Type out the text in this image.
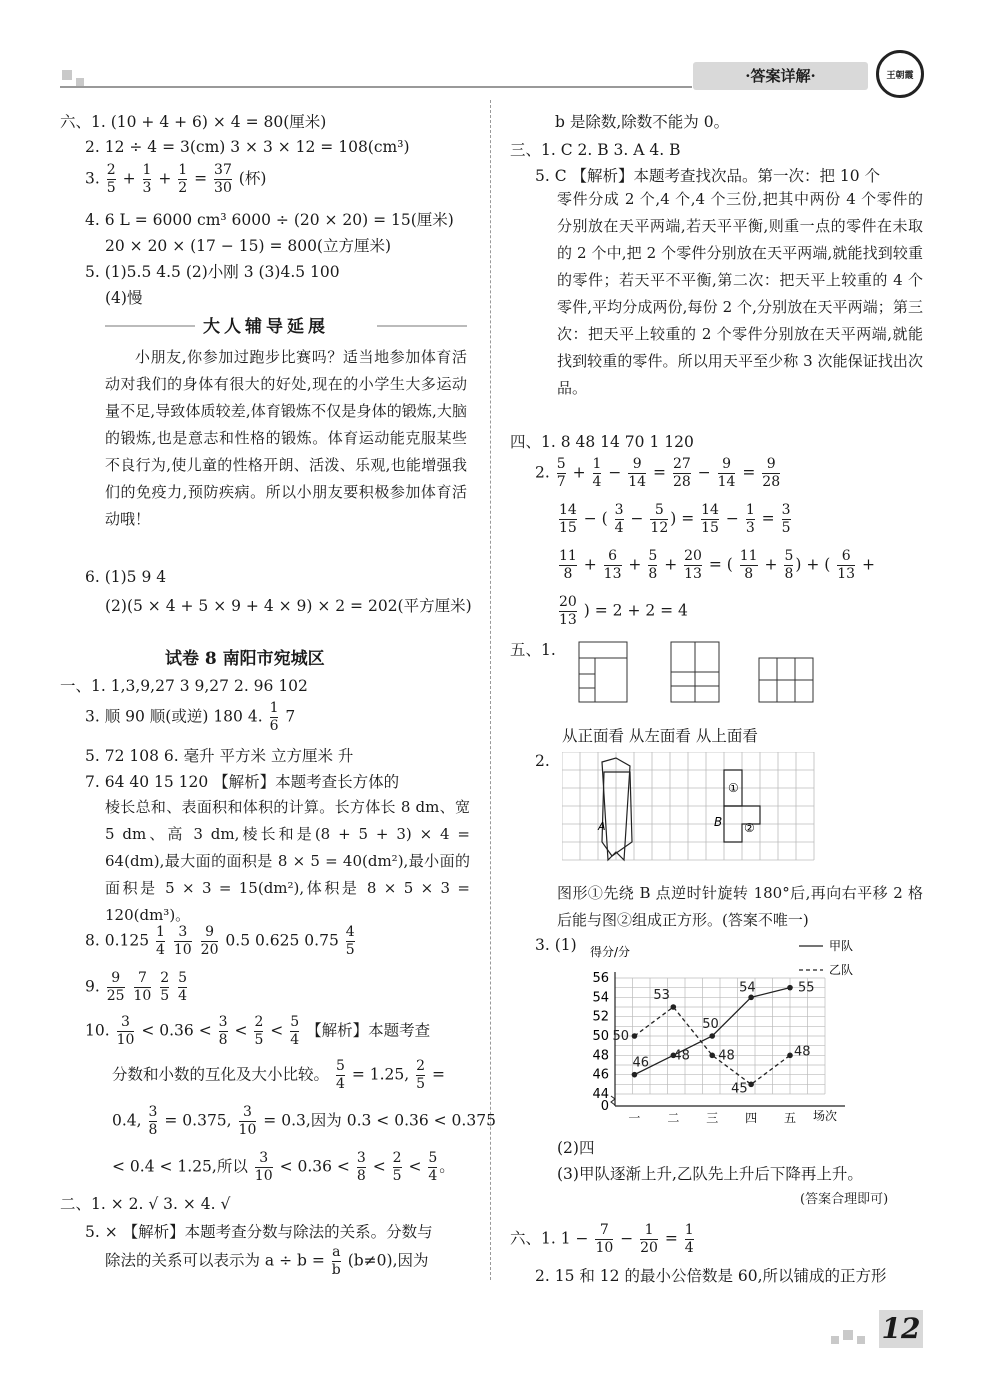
·答案详解·	王朝霞
六、1. (10 + 4 + 6) × 4 = 80(厘米)
2. 12 ÷ 4 = 3(cm) 3 × 3 × 12 = 108(cm³)
3. $\frac{2}{5} + \frac{1}{3} + \frac{1}{2} = \frac{37}{30}$ (杯)
4. 6 L = 6000 cm³ 6000 ÷ (20 × 20) = 15(厘米)
20 × 20 × (17 − 15) = 800(立方厘米)
5. (1)5.5 4.5 (2)小刚 3 (3)4.5 100
(4)慢
大人辅导延展
小朋友,你参加过跑步比赛吗？适当地参加体育活动对我们的身体有很大的好处,现在的小学生大多运动量不足,导致体质较差,体育锻炼不仅是身体的锻炼,大脑的锻炼,也是意志和性格的锻炼。体育运动能克服某些不良行为,使儿童的性格开朗、活泼、乐观,也能增强我们的免疫力,预防疾病。所以小朋友要积极参加体育活动哦！
6. (1)5 9 4
(2)(5 × 4 + 5 × 9 + 4 × 9) × 2 = 202(平方厘米)
试卷 8 南阳市宛城区
一、1. 1,3,9,27 3 9,27 2. 96 102
3. 顺 90 顺(或逆) 180 4. $\frac{1}{6} 7$
5. 72 108 6. 毫升 平方米 立方厘米 升
7. 64 40 15 120 【解析】本题考查长方体的
棱长总和、表面积和体积的计算。长方体长 8 dm、宽 5 dm、高 3 dm,棱长和是(8 + 5 + 3) × 4 = 64(dm),最大面的面积是 8 × 5 = 40(dm²),最小面的面积是 5 × 3 = 15(dm²),体积是 8 × 5 × 3 = 120(dm³)。
8. $0.125 \frac{1}{4}$
$\frac{3}{10}$
$\frac{9}{20} 0.5$ 0.625 $0.75 \frac{4}{5}$
9. $\frac{9}{25}$
$\frac{7}{10}$
$\frac{2}{5}$
$\frac{5}{4}$
10. $\frac{3}{10} < 0.36 < \frac{3}{8} < \frac{2}{5} < \frac{5}{4}$ 【解析】本题考查
分数和小数的互化及大小比较。 $\frac{5}{4} = 1.25$, $\frac{2}{5}$ =
0.4, $\frac{3}{8} = 0.375$, $\frac{3}{10} = 0.3$,因为 0.3 < 0.36 < 0.375
< 0.4 < 1.25,所以 $\frac{3}{10} < 0.36 < \frac{3}{8} < \frac{2}{5} < \frac{5}{4}$ 。
二、1. × 2. √ 3. × 4. √
5. × 【解析】本题考查分数与除法的关系。分数与
除法的关系可以表示为 $a \div b = \frac{a}{b} (b\ne 0)$,因为
b 是除数,除数不能为 0。
三、1. C 2. B 3. A 4. B
5. C 【解析】本题考查找次品。第一次：把 10 个
零件分成 2 个,4 个,4 个三份,把其中两份 4 个零件的分别放在天平两端,若天平平衡,则重一点的零件在未取的 2 个中,把 2 个零件分别放在天平两端,就能找到较重的零件；若天平不平衡,第二次：把天平上较重的 4 个零件,平均分成两份,每份 2 个,分别放在天平两端；第三次：把天平上较重的 2 个零件分别放在天平两端,就能找到较重的零件。所以用天平至少称 3 次能保证找出次品。
四、1. 8 48 14 70 1 120
2. $\frac{5}{7} + \frac{1}{4} - \frac{9}{14} = \frac{27}{28} - \frac{9}{14} = \frac{9}{28}$
$\frac{14}{15}$ − ( $\frac{3}{4} - \frac{5}{12}$ ) = $\frac{14}{15} - \frac{1}{3} = \frac{3}{5}$
$\frac{11}{8} + \frac{6}{13} + \frac{5}{8} + \frac{20}{13}$ = ( $\frac{11}{8} + \frac{5}{8}$ ) + ( $\frac{6}{13}$ +
$\frac{20}{13}$ ) = 2 + 2 = 4
五、1.
从正面看 从左面看 从上面看
2.
①
②
B
A
图形①先绕 B 点逆时针旋转 180°后,再向右平移 2 格后能与图②组成正方形。(答案不唯一)
3. (1) 得分/分
0
44
46
48
50
52
54
56
一 二 三 四 五
46 48
50
54	55
50
53
48
45
48
场次
甲队
乙队
(2)四
(3)甲队逐渐上升,乙队先上升后下降再上升。
(答案合理即可)
六、1. $1 - \frac{7}{10} - \frac{1}{20} = \frac{1}{4}$
2. 15 和 12 的最小公倍数是 60,所以铺成的正方形
12
